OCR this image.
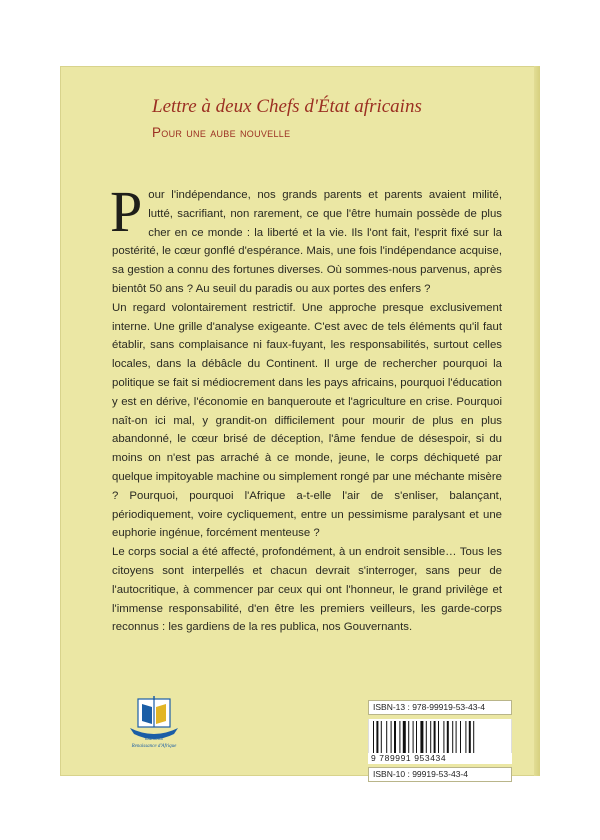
Lettre à deux Chefs d'État africains
Pour une aube nouvelle

Pour l'indépendance, nos grands parents et parents avaient milité, lutté, sacrifiant, non rarement, ce que l'être humain possède de plus cher en ce monde : la liberté et la vie. Ils l'ont fait, l'esprit fixé sur la postérité, le cœur gonflé d'espérance. Mais, une fois l'indépendance acquise, sa gestion a connu des fortunes diverses. Où sommes-nous parvenus, après bientôt 50 ans ? Au seuil du paradis ou aux portes des enfers ?

Un regard volontairement restrictif. Une approche presque exclusivement interne. Une grille d'analyse exigeante. C'est avec de tels éléments qu'il faut établir, sans complaisance ni faux-fuyant, les responsabilités, surtout celles locales, dans la débâcle du Continent. Il urge de rechercher pourquoi la politique se fait si médiocrement dans les pays africains, pourquoi l'éducation y est en dérive, l'économie en banqueroute et l'agriculture en crise. Pourquoi naît-on ici mal, y grandit-on difficilement pour mourir de plus en plus abandonné, le cœur brisé de déception, l'âme fendue de désespoir, si du moins on n'est pas arraché à ce monde, jeune, le corps déchiqueté par quelque impitoyable machine ou simplement rongé par une méchante misère ? Pourquoi, pourquoi l'Afrique a-t-elle l'air de s'enliser, balançant, périodiquement, voire cycliquement, entre un pessimisme paralysant et une euphorie ingénue, forcément menteuse ?

Le corps social a été affecté, profondément, à un endroit sensible… Tous les citoyens sont interpellés et chacun devrait s'interroger, sans peur de l'autocritique, à commencer par ceux qui ont l'honneur, le grand privilège et l'immense responsabilité, d'en être les premiers veilleurs, les garde-corps reconnus : les gardiens de la res publica, nos Gouvernants.

Éditions
Renaissance d'Afrique
ISBN-13 : 978-99919-53-43-4
9 789991 953434
ISBN-10 : 99919-53-43-4
